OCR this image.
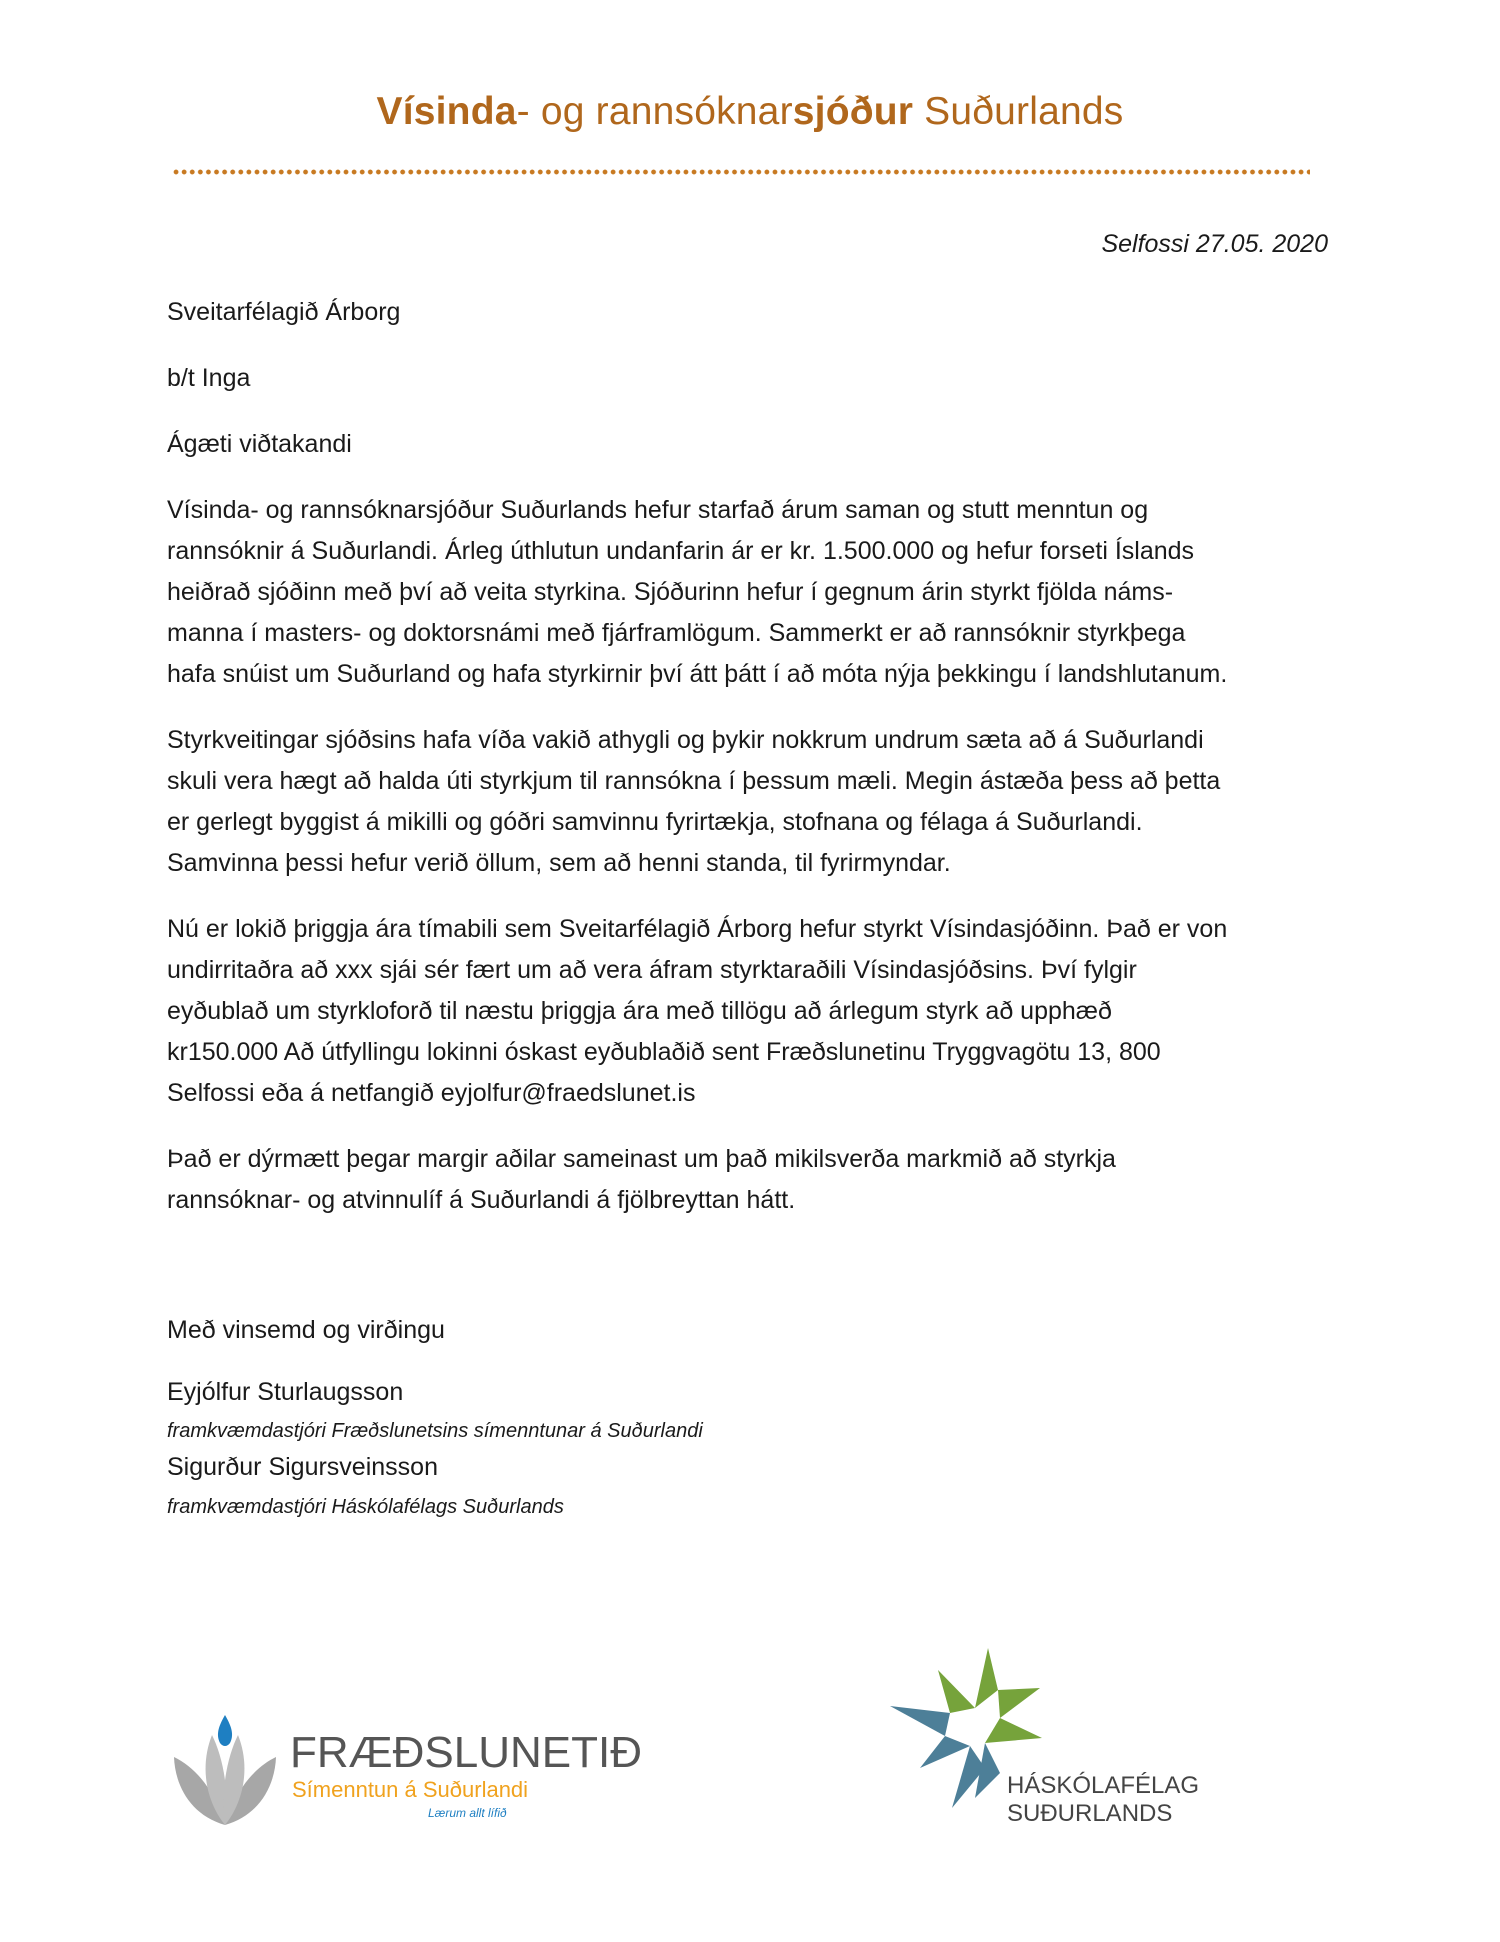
Vísinda- og rannsóknarsjóður Suðurlands
Selfossi 27.05. 2020

Sveitarfélagið Árborg

b/t Inga

Ágæti viðtakandi

Vísinda- og rannsóknarsjóður Suðurlands hefur starfað árum saman og stutt menntun og
rannsóknir á Suðurlandi. Árleg úthlutun undanfarin ár er kr. 1.500.000 og hefur forseti Íslands
heiðrað sjóðinn með því að veita styrkina. Sjóðurinn hefur í gegnum árin styrkt fjölda náms-
manna í masters- og doktorsnámi með fjárframlögum. Sammerkt er að rannsóknir styrkþega
hafa snúist um Suðurland og hafa styrkirnir því átt þátt í að móta nýja þekkingu í landshlutanum.
Styrkveitingar sjóðsins hafa víða vakið athygli og þykir nokkrum undrum sæta að á Suðurlandi
skuli vera hægt að halda úti styrkjum til rannsókna í þessum mæli. Megin ástæða þess að þetta
er gerlegt byggist á mikilli og góðri samvinnu fyrirtækja, stofnana og félaga á Suðurlandi.
Samvinna þessi hefur verið öllum, sem að henni standa, til fyrirmyndar.
Nú er lokið þriggja ára tímabili sem Sveitarfélagið Árborg hefur styrkt Vísindasjóðinn. Það er von
undirritaðra að xxx sjái sér fært um að vera áfram styrktaraðili Vísindasjóðsins. Því fylgir
eyðublað um styrkloforð til næstu þriggja ára með tillögu að árlegum styrk að upphæð
kr150.000 Að útfyllingu lokinni óskast eyðublaðið sent Fræðslunetinu Tryggvagötu 13, 800
Selfossi eða á netfangið eyjolfur@fraedslunet.is
Það er dýrmætt þegar margir aðilar sameinast um það mikilsverða markmið að styrkja
rannsóknar- og atvinnulíf á Suðurlandi á fjölbreyttan hátt.
Með vinsemd og virðingu
Eyjólfur Sturlaugsson
framkvæmdastjóri Fræðslunetsins símenntunar á Suðurlandi
Sigurður Sigursveinsson
framkvæmdastjóri Háskólafélags Suðurlands
FRÆÐSLUNETIÐ
Símenntun á Suðurlandi
Lærum allt lífið
HÁSKÓLAFÉLAG
SUÐURLANDS
